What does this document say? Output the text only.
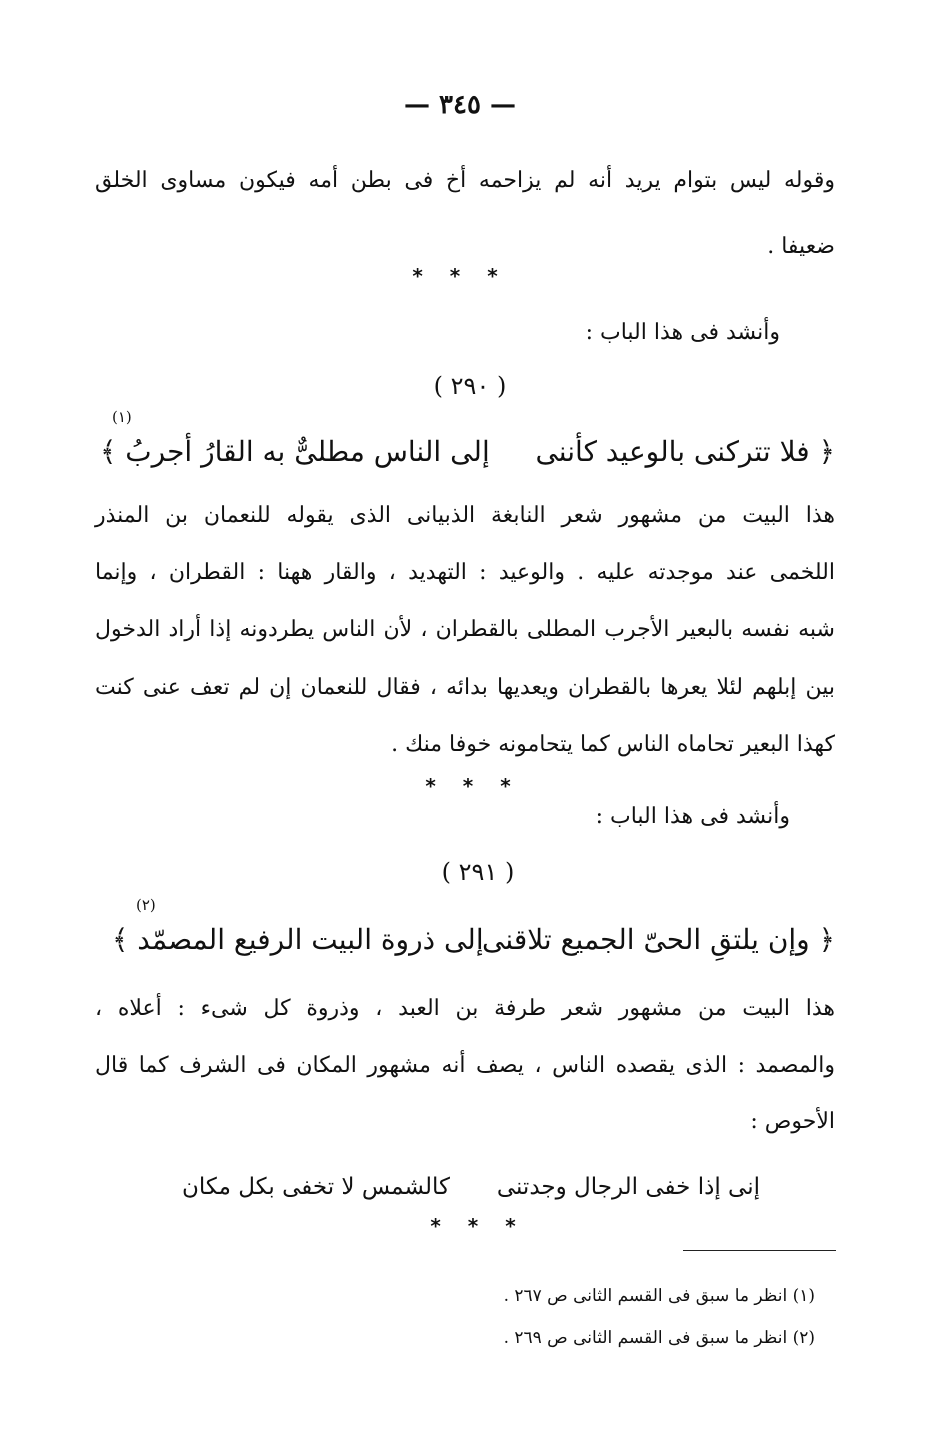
— ٣٤٥ —
وقوله ليس بتوام يريد أنه لم يزاحمه أخ فى بطن أمه فيكون مساوى الخلق
ضعيفا .
* * *
وأنشد فى هذا الباب :
( ٢٩٠ )
(١)
﴿ فلا تتركنى بالوعيد كأننى
إلى الناس مطلىٌّ به القارُ أجربُ ﴾
هذا البيت من مشهور شعر النابغة الذبيانى الذى يقوله للنعمان بن المنذر
اللخمى عند موجدته عليه . والوعيد : التهديد ، والقار ههنا : القطران ، وإنما
شبه نفسه بالبعير الأجرب المطلى بالقطران ، لأن الناس يطردونه إذا أراد الدخول
بين إبلهم لئلا يعرها بالقطران ويعديها بدائه ، فقال للنعمان إن لم تعف عنى كنت
كهذا البعير تحاماه الناس كما يتحامونه خوفا منك .
* * *
وأنشد فى هذا الباب :
( ٢٩١ )
(٢)
﴿ وإن يلتقِ الحىّ الجميع تلاقنى
إلى ذروة البيت الرفيع المصمّد ﴾
هذا البيت من مشهور شعر طرفة بن العبد ، وذروة كل شىء : أعلاه ،
والمصمد : الذى يقصده الناس ، يصف أنه مشهور المكان فى الشرف كما قال
الأحوص :
إنى إذا خفى الرجال وجدتنى
كالشمس لا تخفى بكل مكان
* * *
(١) انظر ما سبق فى القسم الثانى ص ٢٦٧ .
(٢) انظر ما سبق فى القسم الثانى ص ٢٦٩ .
